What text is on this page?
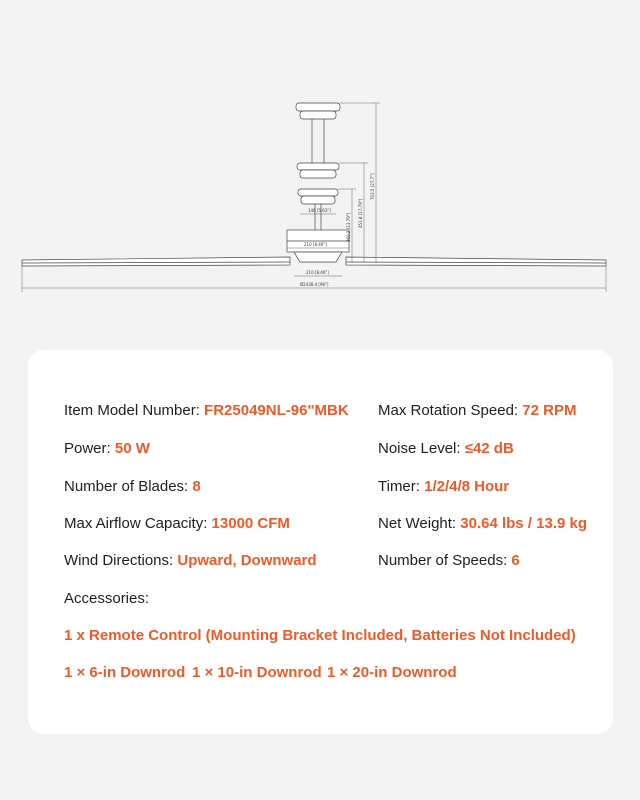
146 [5.63"]
210 [8.46"]
210 [8.46"]
Ø2438.4 [96"]
703.5 [27.7"]
451.8 [17.79"]
360.2 [13.79"]
Item Model Number: FR25049NL-96"MBK
Power: 50 W
Number of Blades: 8
Max Airflow Capacity: 13000 CFM
Wind Directions: Upward, Downward
Max Rotation Speed: 72 RPM
Noise Level: ≤42 dB
Timer: 1/2/4/8 Hour
Net Weight: 30.64 lbs / 13.9 kg
Number of Speeds: 6
Accessories:
1 x Remote Control (Mounting Bracket Included, Batteries Not Included)
1 × 6-in Downrod 1 × 10-in Downrod 1 × 20-in Downrod
